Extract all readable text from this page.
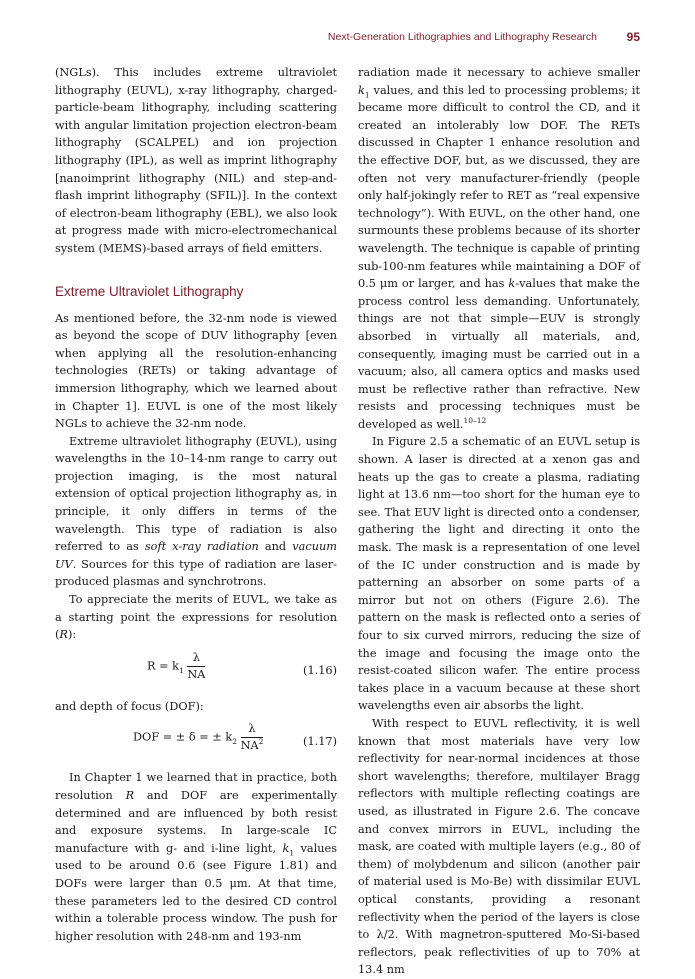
Next-Generation Lithographies and Lithography Research 95

(NGLs). This includes extreme ultraviolet lithography (EUVL), x-ray lithography, charged-particle-beam lithography, including scattering with angular limitation projection electron-beam lithography (SCALPEL) and ion projection lithography (IPL), as well as imprint lithography [nanoimprint lithography (NIL) and step-and-flash imprint lithography (SFIL)]. In the context of electron-beam lithography (EBL), we also look at progress made with micro-electromechanical system (MEMS)-based arrays of field emitters.

Extreme Ultraviolet Lithography

As mentioned before, the 32-nm node is viewed as beyond the scope of DUV lithography [even when applying all the resolution-enhancing technologies (RETs) or taking advantage of immersion lithography, which we learned about in Chapter 1]. EUVL is one of the most likely NGLs to achieve the 32-nm node.

Extreme ultraviolet lithography (EUVL), using wavelengths in the 10–14-nm range to carry out projection imaging, is the most natural extension of optical projection lithography as, in principle, it only differs in terms of the wavelength. This type of radiation is also referred to as soft x-ray radiation and vacuum UV. Sources for this type of radiation are laser-produced plasmas and synchrotrons.

To appreciate the merits of EUVL, we take as a starting point the expressions for resolution (R):

$R = k_1 \frac{\lambda}{NA}$	(1.16)

and depth of focus (DOF):

DOF = ± δ = ± $k_2 \frac{\lambda}{NA^2}$	(1.17)

In Chapter 1 we learned that in practice, both resolution R and DOF are experimentally determined and are influenced by both resist and exposure systems. In large-scale IC manufacture with g- and i-line light, $k_1$ values used to be around 0.6 (see Figure 1.81) and DOFs were larger than 0.5 μm. At that time, these parameters led to the desired CD control within a tolerable process window. The push for higher resolution with 248-nm and 193-nm

radiation made it necessary to achieve smaller $k_1$ values, and this led to processing problems; it became more difficult to control the CD, and it created an intolerably low DOF. The RETs discussed in Chapter 1 enhance resolution and the effective DOF, but, as we discussed, they are often not very manufacturer-friendly (people only half-jokingly refer to RET as “real expensive technology”). With EUVL, on the other hand, one surmounts these problems because of its shorter wavelength. The technique is capable of printing sub-100-nm features while maintaining a DOF of 0.5 μm or larger, and has k-values that make the process control less demanding. Unfortunately, things are not that simple—EUV is strongly absorbed in virtually all materials, and, consequently, imaging must be carried out in a vacuum; also, all camera optics and masks used must be reflective rather than refractive. New resists and processing techniques must be developed as well.$^{10-12}$

In Figure 2.5 a schematic of an EUVL setup is shown. A laser is directed at a xenon gas and heats up the gas to create a plasma, radiating light at 13.6 nm—too short for the human eye to see. That EUV light is directed onto a condenser, gathering the light and directing it onto the mask. The mask is a representation of one level of the IC under construction and is made by patterning an absorber on some parts of a mirror but not on others (Figure 2.6). The pattern on the mask is reflected onto a series of four to six curved mirrors, reducing the size of the image and focusing the image onto the resist-coated silicon wafer. The entire process takes place in a vacuum because at these short wavelengths even air absorbs the light.

With respect to EUVL reflectivity, it is well known that most materials have very low reflectivity for near-normal incidences at those short wavelengths; therefore, multilayer Bragg reflectors with multiple reflecting coatings are used, as illustrated in Figure 2.6. The concave and convex mirrors in EUVL, including the mask, are coated with multiple layers (e.g., 80 of them) of molybdenum and silicon (another pair of material used is Mo-Be) with dissimilar EUVL optical constants, providing a resonant reflectivity when the period of the layers is close to λ/2. With magnetron-sputtered Mo-Si-based reflectors, peak reflectivities of up to 70% at 13.4 nm
